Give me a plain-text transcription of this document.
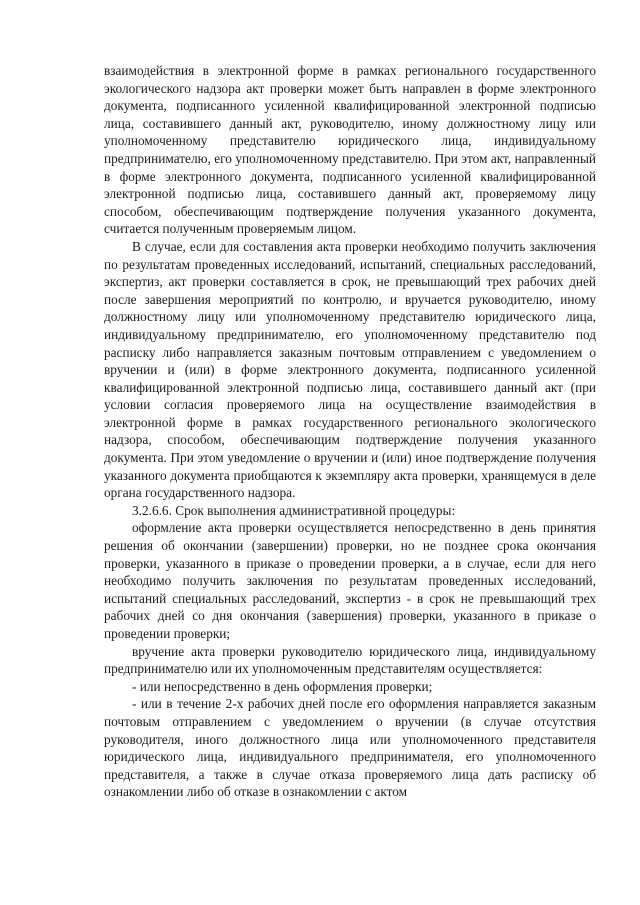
взаимодействия в электронной форме в рамках регионального государственного экологического надзора акт проверки может быть направлен в форме электронного документа, подписанного усиленной квалифицированной электронной подписью лица, составившего данный акт, руководителю, иному должностному лицу или уполномоченному представителю юридического лица, индивидуальному предпринимателю, его уполномоченному представителю. При этом акт, направленный в форме электронного документа, подписанного усиленной квалифицированной электронной подписью лица, составившего данный акт, проверяемому лицу способом, обеспечивающим подтверждение получения указанного документа, считается полученным проверяемым лицом.

В случае, если для составления акта проверки необходимо получить заключения по результатам проведенных исследований, испытаний, специальных расследований, экспертиз, акт проверки составляется в срок, не превышающий трех рабочих дней после завершения мероприятий по контролю, и вручается руководителю, иному должностному лицу или уполномоченному представителю юридического лица, индивидуальному предпринимателю, его уполномоченному представителю под расписку либо направляется заказным почтовым отправлением с уведомлением о вручении и (или) в форме электронного документа, подписанного усиленной квалифицированной электронной подписью лица, составившего данный акт (при условии согласия проверяемого лица на осуществление взаимодействия в электронной форме в рамках государственного регионального экологического надзора, способом, обеспечивающим подтверждение получения указанного документа. При этом уведомление о вручении и (или) иное подтверждение получения указанного документа приобщаются к экземпляру акта проверки, хранящемуся в деле органа государственного надзора.

3.2.6.6. Срок выполнения административной процедуры:

оформление акта проверки осуществляется непосредственно в день принятия решения об окончании (завершении) проверки, но не позднее срока окончания проверки, указанного в приказе о проведении проверки, а в случае, если для него необходимо получить заключения по результатам проведенных исследований, испытаний специальных расследований, экспертиз - в срок не превышающий трех рабочих дней со дня окончания (завершения) проверки, указанного в приказе о проведении проверки;

вручение акта проверки руководителю юридического лица, индивидуальному предпринимателю или их уполномоченным представителям осуществляется:

- или непосредственно в день оформления проверки;

- или в течение 2-х рабочих дней после его оформления направляется заказным почтовым отправлением с уведомлением о вручении (в случае отсутствия руководителя, иного должностного лица или уполномоченного представителя юридического лица, индивидуального предпринимателя, его уполномоченного представителя, а также в случае отказа проверяемого лица дать расписку об ознакомлении либо об отказе в ознакомлении с актом
